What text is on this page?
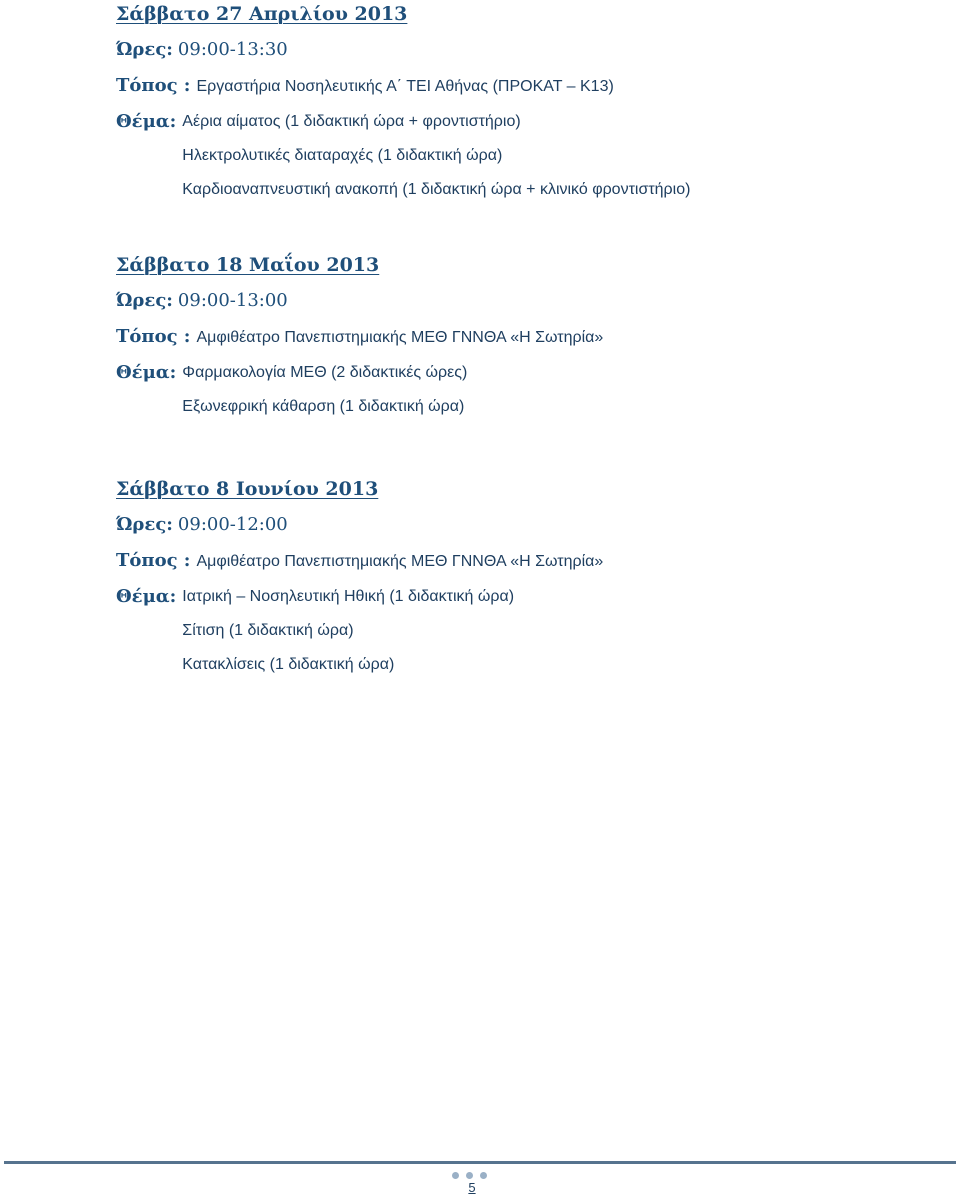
Σάββατο 27 Απριλίου 2013
Ώρες: 09:00-13:30
Τόπος : Εργαστήρια Νοσηλευτικής Α΄ ΤΕΙ Αθήνας (ΠΡΟΚΑΤ – Κ13)
Θέμα: Αέρια αίματος (1 διδακτική ώρα + φροντιστήριο)
Ηλεκτρολυτικές διαταραχές (1 διδακτική ώρα)
Καρδιοαναπνευστική ανακοπή (1 διδακτική ώρα + κλινικό φροντιστήριο)
Σάββατο 18 Μαΐου 2013
Ώρες: 09:00-13:00
Τόπος : Αμφιθέατρο Πανεπιστημιακής ΜΕΘ ΓΝΝΘΑ «Η Σωτηρία»
Θέμα: Φαρμακολογία ΜΕΘ (2 διδακτικές ώρες)
Εξωνεφρική κάθαρση (1 διδακτική ώρα)
Σάββατο 8 Ιουνίου 2013
Ώρες: 09:00-12:00
Τόπος : Αμφιθέατρο Πανεπιστημιακής ΜΕΘ ΓΝΝΘΑ «Η Σωτηρία»
Θέμα: Ιατρική – Νοσηλευτική Ηθική (1 διδακτική ώρα)
Σίτιση (1 διδακτική ώρα)
Κατακλίσεις (1 διδακτική ώρα)
5
